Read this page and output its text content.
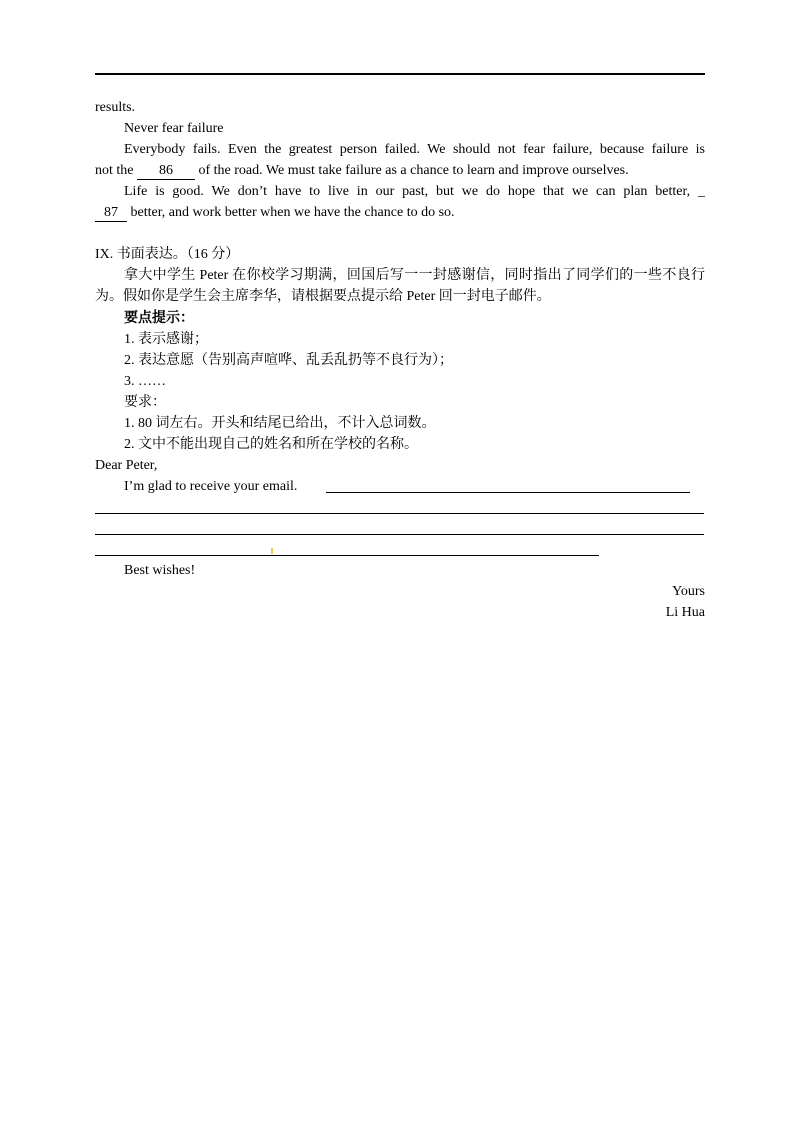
results.
Never fear failure
Everybody fails. Even the greatest person failed. We should not fear failure, because failure is
not the 86 of the road. We must take failure as a chance to learn and improve ourselves.
Life is good. We don’t have to live in our past, but we do hope that we can plan better, _
87 better, and work better when we have the chance to do so.
IX. 书面表达。（16 分）
拿大中学生 Peter 在你校学习期满，回国后写一一封感谢信，同时指出了同学们的一些不良行
为。假如你是学生会主席李华，请根据要点提示给 Peter 回一封电子邮件。
要点提示：
1. 表示感谢；
2. 表达意愿（告别高声喧哗、乱丢乱扔等不良行为）；
3. ……
要求：
1. 80 词左右。开头和结尾已给出，不计入总词数。
2. 文中不能出现自己的姓名和所在学校的名称。
Dear Peter,
I’m glad to receive your email.
Best wishes!
Yours
Li Hua
